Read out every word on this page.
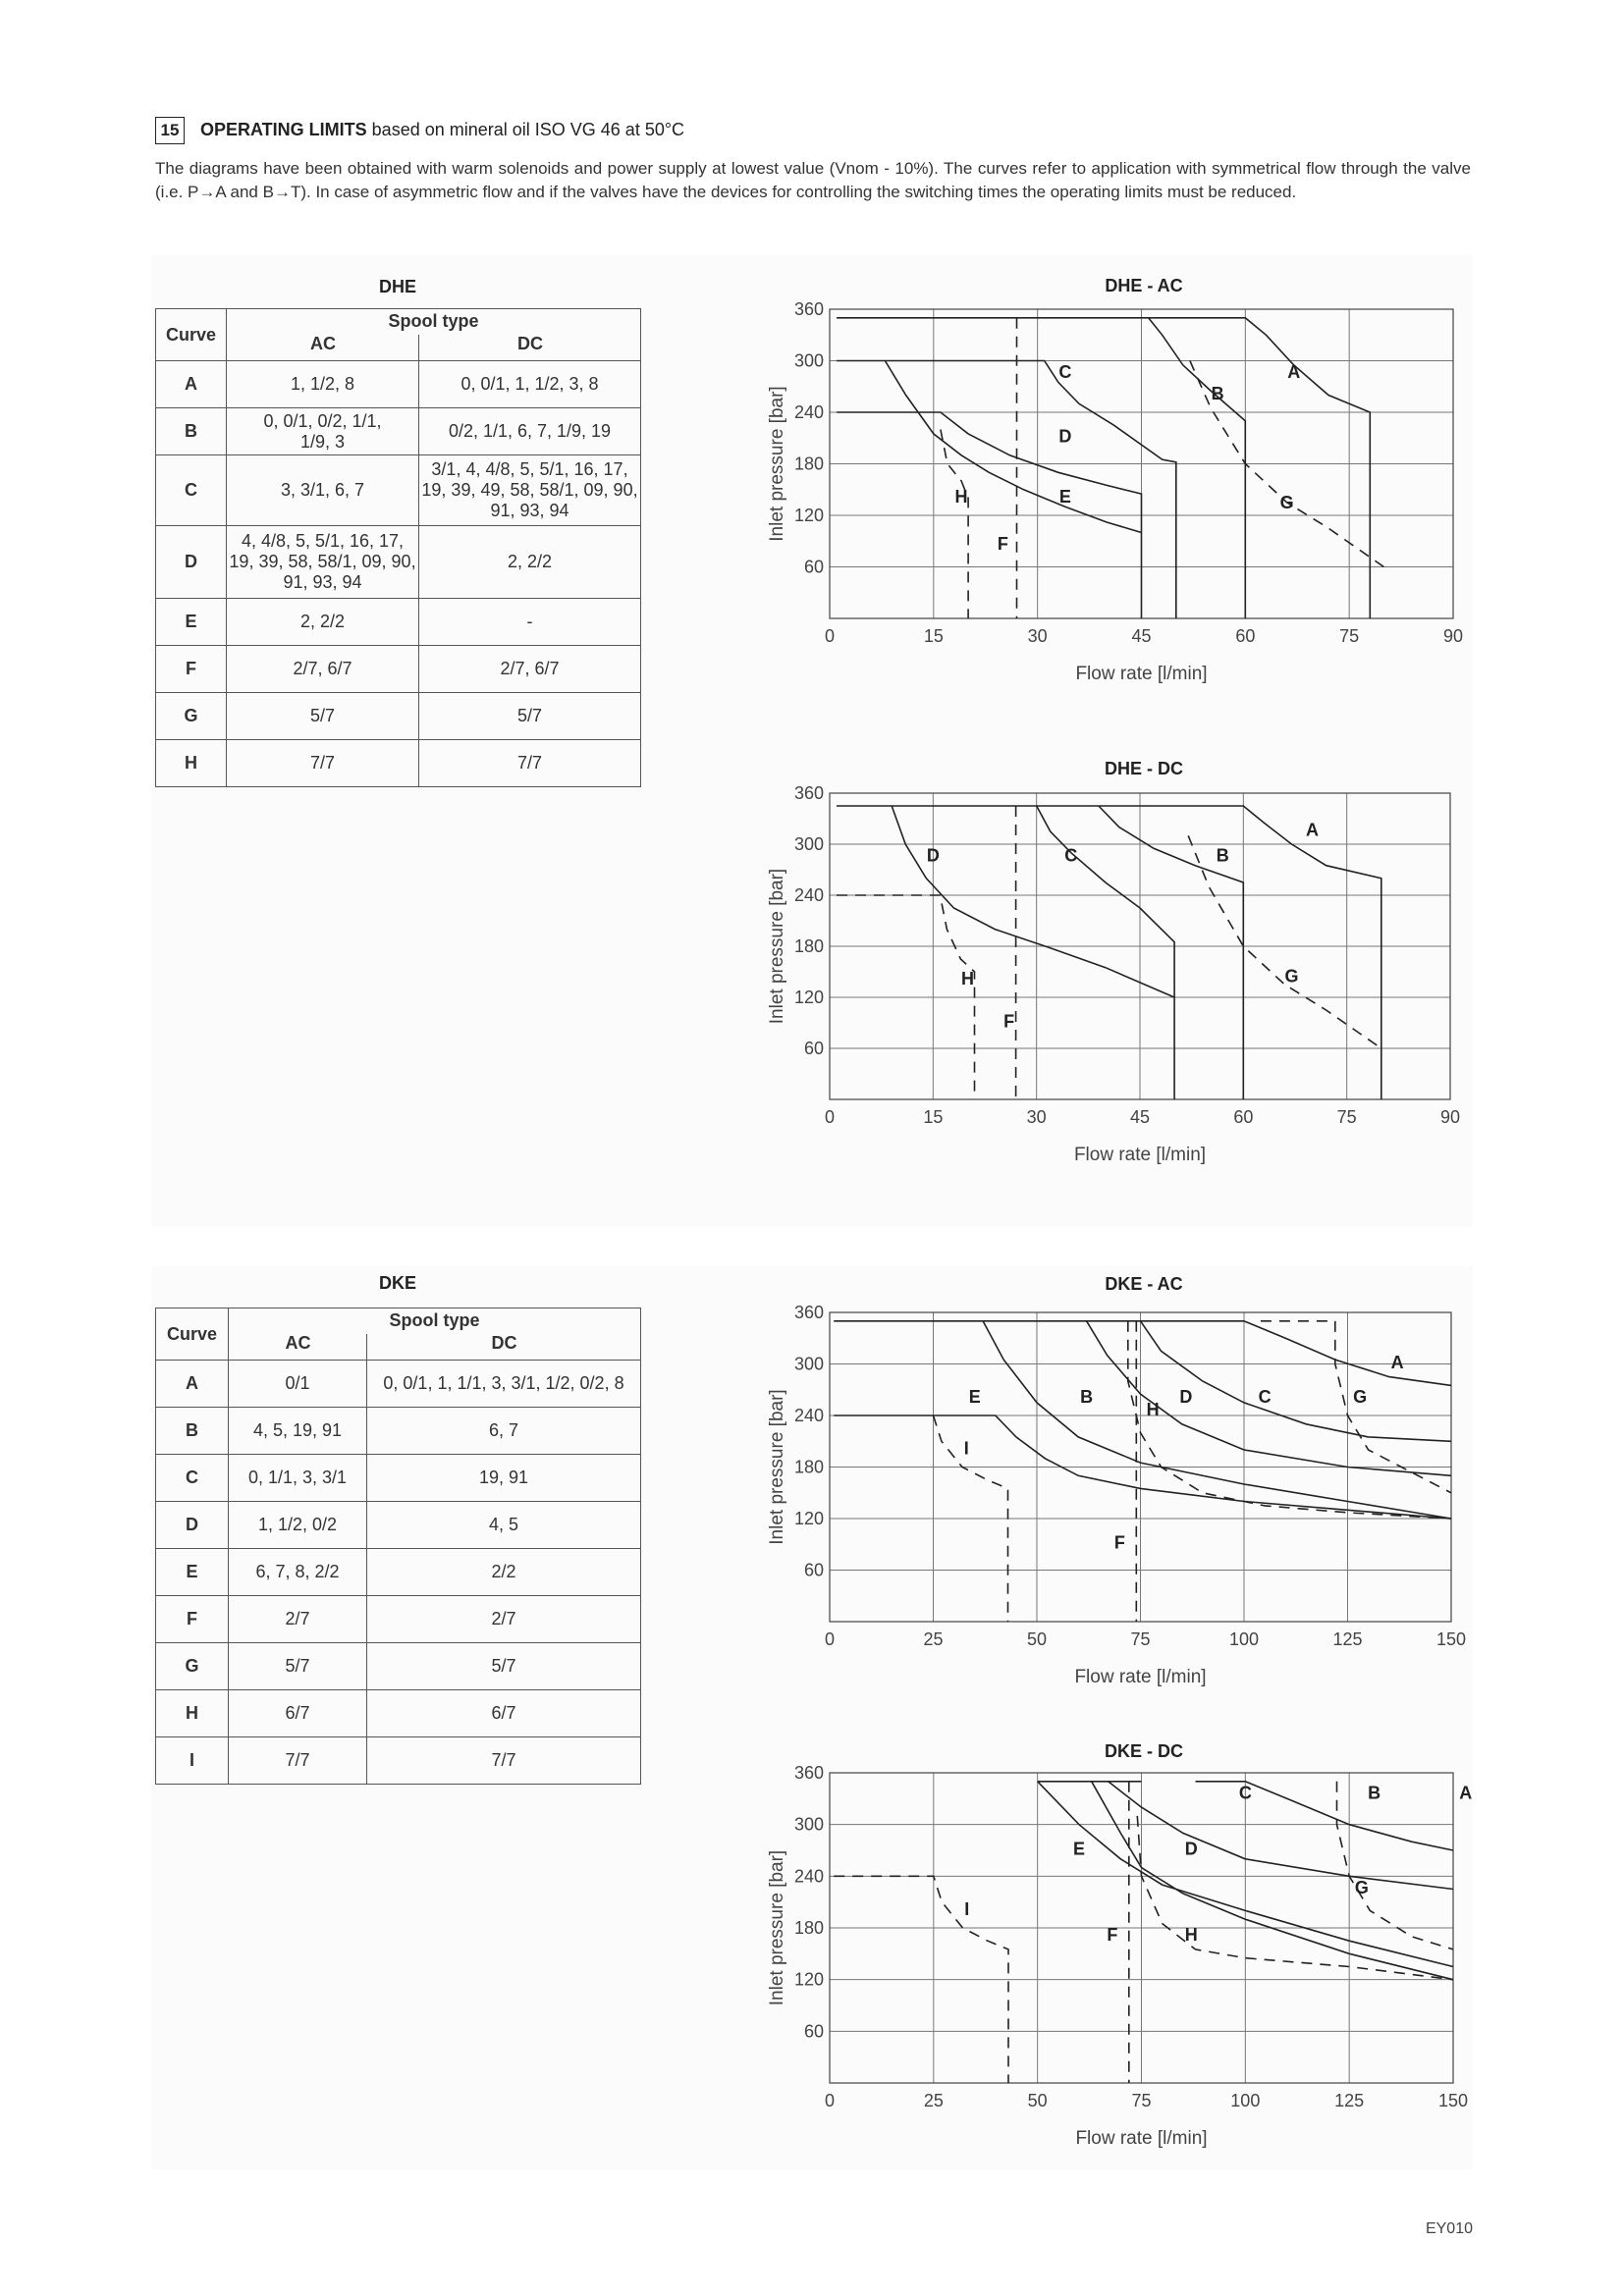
15	OPERATING LIMITS based on mineral oil ISO VG 46 at 50°C
The diagrams have been obtained with warm solenoids and power supply at lowest value (Vnom - 10%). The curves refer to application with symmetrical flow through the valve (i.e. P→A and B→T). In case of asymmetric flow and if the valves have the devices for controlling the switching times the operating limits must be reduced.
DHE
Curve	Spool type
AC DC	

A	1, 1/2, 8	0, 0/1, 1, 1/2, 3, 8
B	0, 0/1, 0/2, 1/1, 1/9, 3	0/2, 1/1, 6, 7, 1/9, 19
C	3, 3/1, 6, 7	3/1, 4, 4/8, 5, 5/1, 16, 17, 19, 39, 49, 58, 58/1, 09, 90, 91, 93, 94
D	4, 4/8, 5, 5/1, 16, 17, 19, 39, 58, 58/1, 09, 90, 91, 93, 94	2, 2/2
E	2, 2/2	-
F	2/7, 6/7	2/7, 6/7
G	5/7	5/7
H	7/7	7/7
DKE
Curve	Spool type
AC DC	

A	0/1	0, 0/1, 1, 1/1, 3, 3/1, 1/2, 0/2, 8
B	4, 5, 19, 91	6, 7
C	0, 1/1, 3, 3/1	19, 91
D	1, 1/2, 0/2	4, 5
E	6, 7, 8, 2/2	2/2
F	2/7	2/7
G	5/7	5/7
H	6/7	6/7
I	7/7	7/7
DHE - AC
0	15	30	45	60	75	90
60
120
180
240
300
360
Flow rate [l/min]
Inlet pressure [bar]
A
B
C
D
E
F
G
H
DHE - DC
0	15	30	45	60	75	90
60
120
180
240
300
360
Flow rate [l/min]
Inlet pressure [bar]
A
B
C
D
F
G
H
DKE - AC
0	25	50	75	100	125	150
60
120
180
240
300
360
Flow rate [l/min]
Inlet pressure [bar]
A
B	C
D
E
F
G
H
I
DKE - DC
0	25	50	75	100	125	150
60
120
180
240
300
360
Flow rate [l/min]
Inlet pressure [bar]
A
B
C
D
E
F
G
H
I
EY010
